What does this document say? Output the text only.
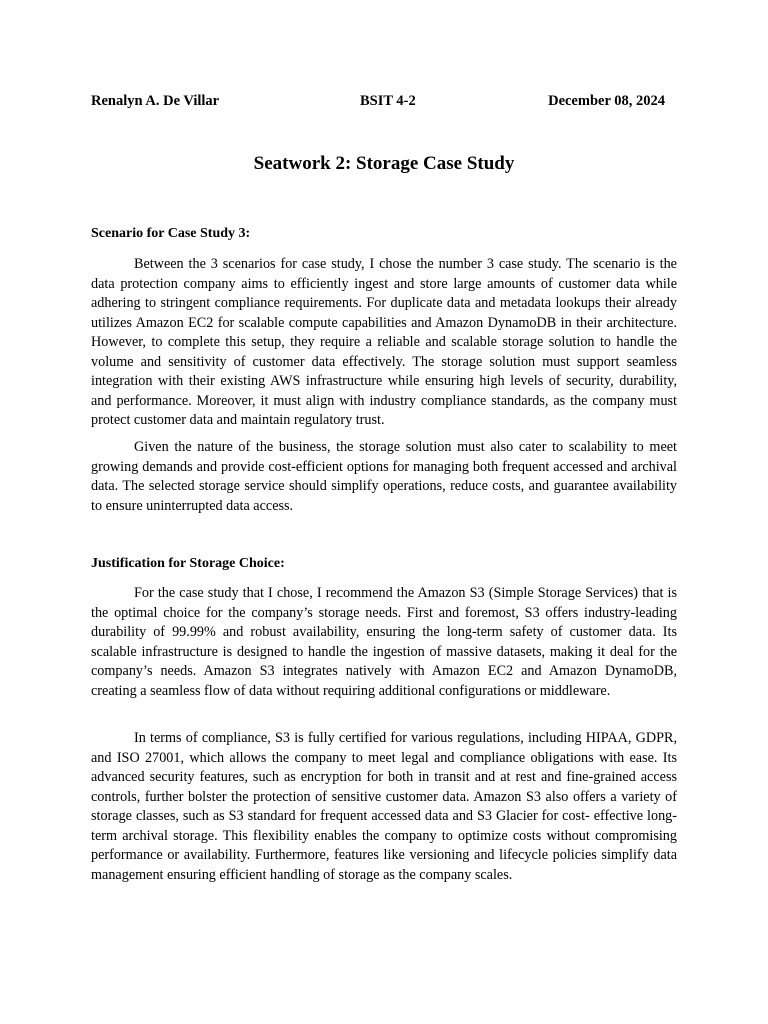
Renalyn A. De Villar	BSIT 4-2	December 08, 2024
Seatwork 2: Storage Case Study
Scenario for Case Study 3:

Between the 3 scenarios for case study, I chose the number 3 case study. The scenario is the data protection company aims to efficiently ingest and store large amounts of customer data while adhering to stringent compliance requirements. For duplicate data and metadata lookups their already utilizes Amazon EC2 for scalable compute capabilities and Amazon DynamoDB in their architecture. However, to complete this setup, they require a reliable and scalable storage solution to handle the volume and sensitivity of customer data effectively. The storage solution must support seamless integration with their existing AWS infrastructure while ensuring high levels of security, durability, and performance. Moreover, it must align with industry compliance standards, as the company must protect customer data and maintain regulatory trust.

Given the nature of the business, the storage solution must also cater to scalability to meet growing demands and provide cost-efficient options for managing both frequent accessed and archival data. The selected storage service should simplify operations, reduce costs, and guarantee availability to ensure uninterrupted data access.

Justification for Storage Choice:

For the case study that I chose, I recommend the Amazon S3 (Simple Storage Services) that is the optimal choice for the company’s storage needs. First and foremost, S3 offers industry-leading durability of 99.99% and robust availability, ensuring the long-term safety of customer data. Its scalable infrastructure is designed to handle the ingestion of massive datasets, making it deal for the company’s needs. Amazon S3 integrates natively with Amazon EC2 and Amazon DynamoDB, creating a seamless flow of data without requiring additional configurations or middleware.

In terms of compliance, S3 is fully certified for various regulations, including HIPAA, GDPR, and ISO 27001, which allows the company to meet legal and compliance obligations with ease. Its advanced security features, such as encryption for both in transit and at rest and fine-grained access controls, further bolster the protection of sensitive customer data. Amazon S3 also offers a variety of storage classes, such as S3 standard for frequent accessed data and S3 Glacier for cost- effective long-term archival storage. This flexibility enables the company to optimize costs without compromising performance or availability. Furthermore, features like versioning and lifecycle policies simplify data management ensuring efficient handling of storage as the company scales.
